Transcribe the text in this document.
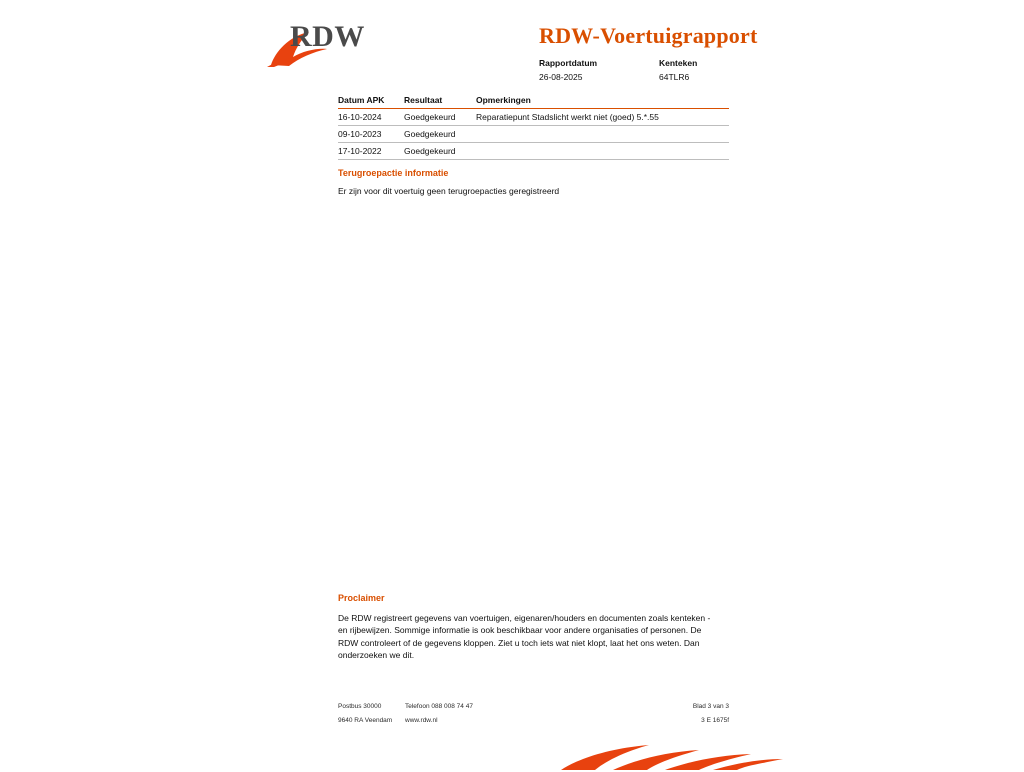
RDW	RDW-Voertuigrapport
Rapportdatum
26-08-2025
Kenteken
64TLR6
Datum APK	Resultaat	Opmerkingen
16-10-2024	Goedgekeurd	Reparatiepunt Stadslicht werkt niet (goed) 5.*.55
09-10-2023	Goedgekeurd
17-10-2022	Goedgekeurd
Terugroepactie informatie

Er zijn voor dit voertuig geen terugroepacties geregistreerd

Proclaimer

De RDW registreert gegevens van voertuigen, eigenaren/houders en documenten zoals kenteken - en rijbewijzen. Sommige informatie is ook beschikbaar voor andere organisaties of personen. De RDW controleert of de gegevens kloppen. Ziet u toch iets wat niet klopt, laat het ons weten. Dan onderzoeken we dit.

Postbus 30000	Telefoon 088 008 74 47	Blad 3 van 3
9640 RA Veendam	www.rdw.nl	3 E 1675f
